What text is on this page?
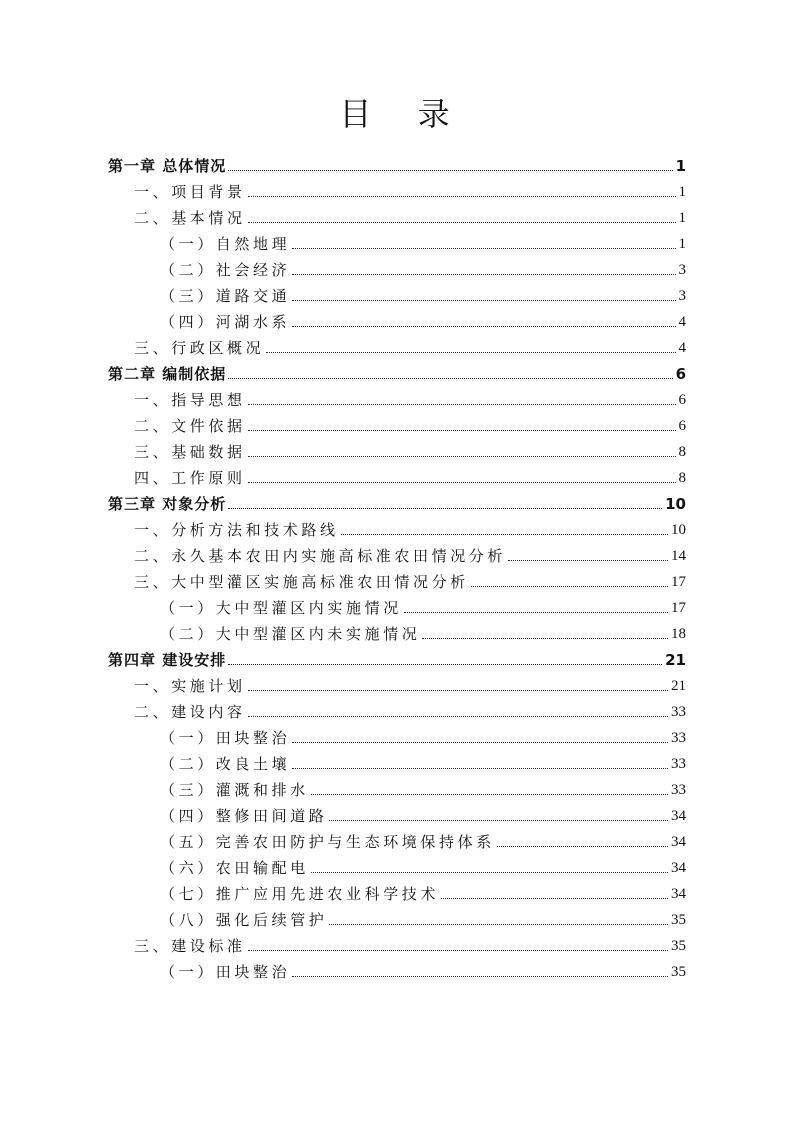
目 录
第一章 总体情况	1
一、项目背景	1
二、基本情况	1
（一）自然地理	1
（二）社会经济	3
（三）道路交通	3
（四）河湖水系	4
三、行政区概况	4
第二章 编制依据	6
一、指导思想	6
二、文件依据	6
三、基础数据	8
四、工作原则	8
第三章 对象分析	10
一、分析方法和技术路线	10
二、永久基本农田内实施高标准农田情况分析	14
三、大中型灌区实施高标准农田情况分析	17
（一）大中型灌区内实施情况	17
（二）大中型灌区内未实施情况	18
第四章 建设安排	21
一、实施计划	21
二、建设内容	33
（一）田块整治	33
（二）改良土壤	33
（三）灌溉和排水	33
（四）整修田间道路	34
（五）完善农田防护与生态环境保持体系	34
（六）农田输配电	34
（七）推广应用先进农业科学技术	34
（八）强化后续管护	35
三、建设标准	35
（一）田块整治	35
